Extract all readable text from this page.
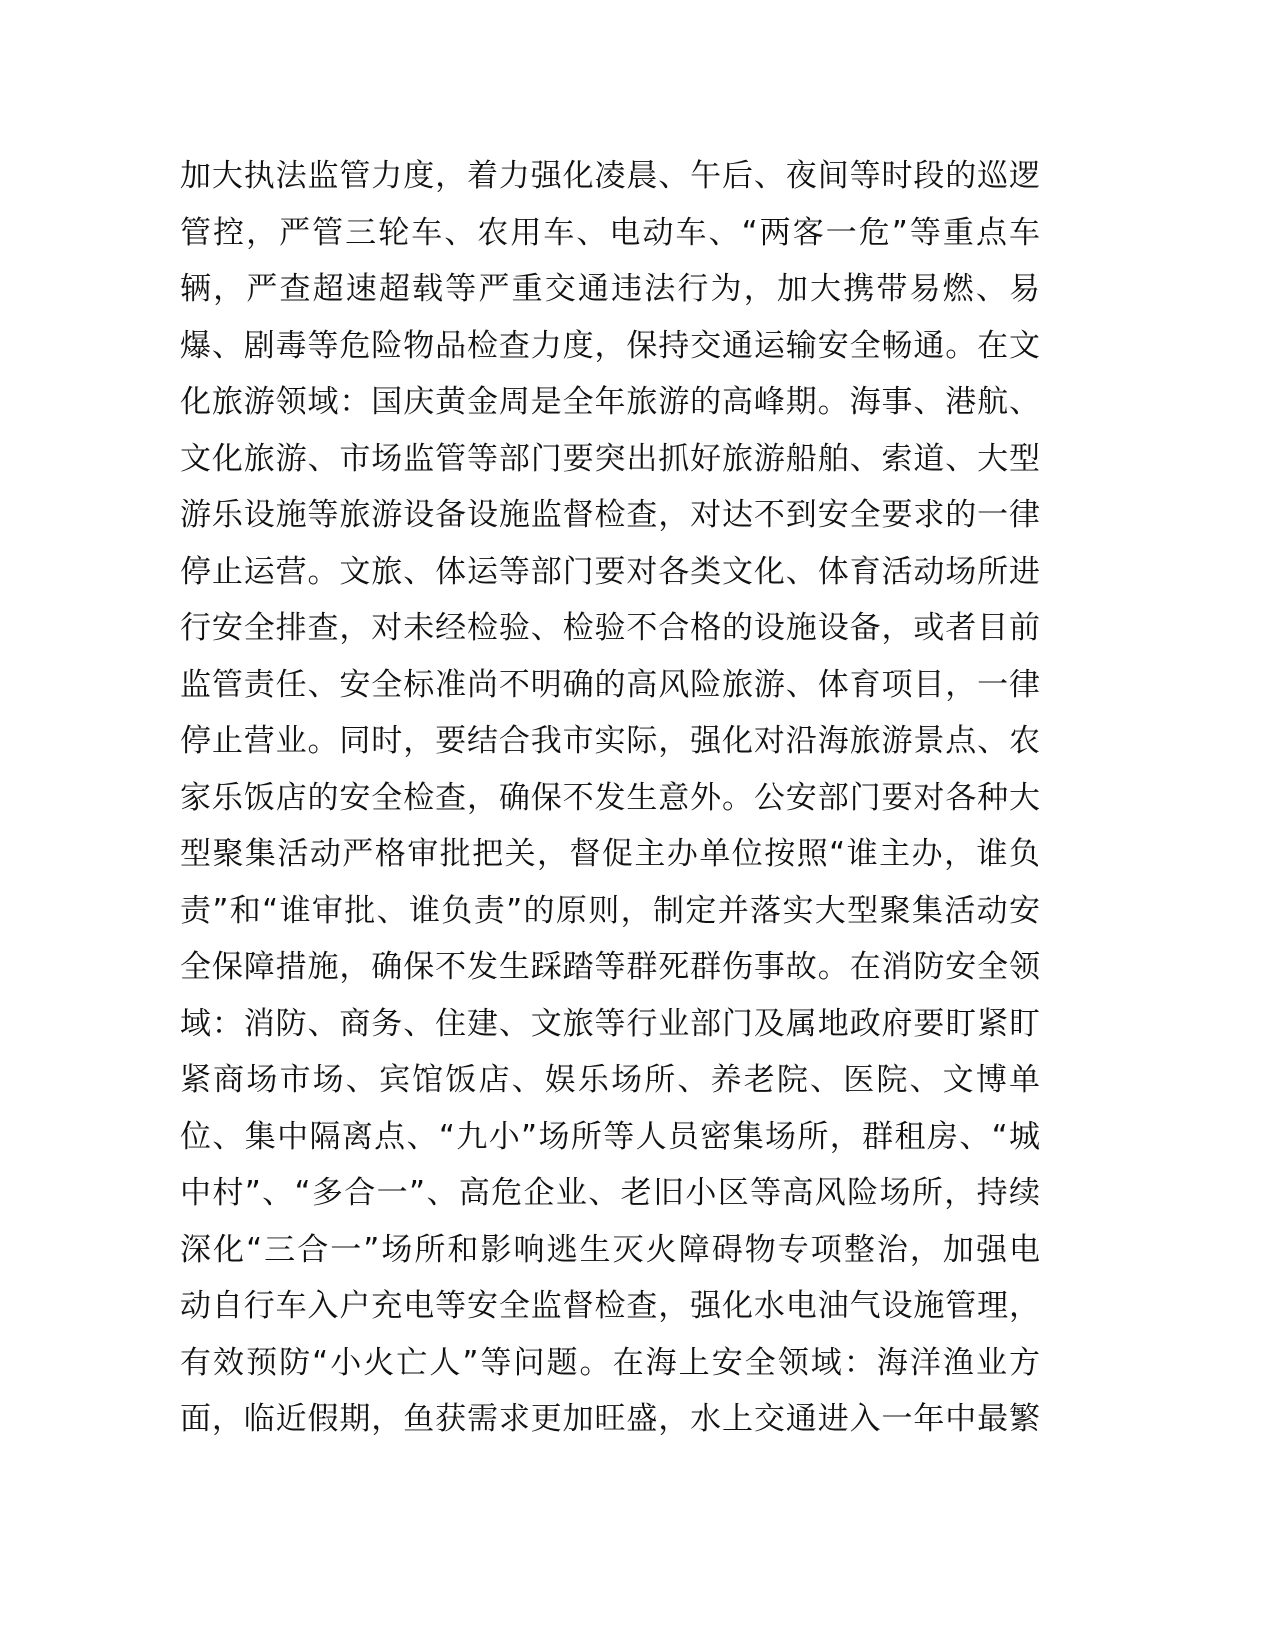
加大执法监管力度，着力强化凌晨、午后、夜间等时段的巡逻
管控，严管三轮车、农用车、电动车、“两客一危”等重点车
辆，严查超速超载等严重交通违法行为，加大携带易燃、易
爆、剧毒等危险物品检查力度，保持交通运输安全畅通。在文
化旅游领域：国庆黄金周是全年旅游的高峰期。海事、港航、
文化旅游、市场监管等部门要突出抓好旅游船舶、索道、大型
游乐设施等旅游设备设施监督检查，对达不到安全要求的一律
停止运营。文旅、体运等部门要对各类文化、体育活动场所进
行安全排查，对未经检验、检验不合格的设施设备，或者目前
监管责任、安全标准尚不明确的高风险旅游、体育项目，一律
停止营业。同时，要结合我市实际，强化对沿海旅游景点、农
家乐饭店的安全检查，确保不发生意外。公安部门要对各种大
型聚集活动严格审批把关，督促主办单位按照“谁主办，谁负
责”和“谁审批、谁负责”的原则，制定并落实大型聚集活动安
全保障措施，确保不发生踩踏等群死群伤事故。在消防安全领
域：消防、商务、住建、文旅等行业部门及属地政府要盯紧盯
紧商场市场、宾馆饭店、娱乐场所、养老院、医院、文博单
位、集中隔离点、“九小”场所等人员密集场所，群租房、“城
中村”、“多合一”、高危企业、老旧小区等高风险场所，持续
深化“三合一”场所和影响逃生灭火障碍物专项整治，加强电
动自行车入户充电等安全监督检查，强化水电油气设施管理，
有效预防“小火亡人”等问题。在海上安全领域：海洋渔业方
面，临近假期，鱼获需求更加旺盛，水上交通进入一年中最繁
